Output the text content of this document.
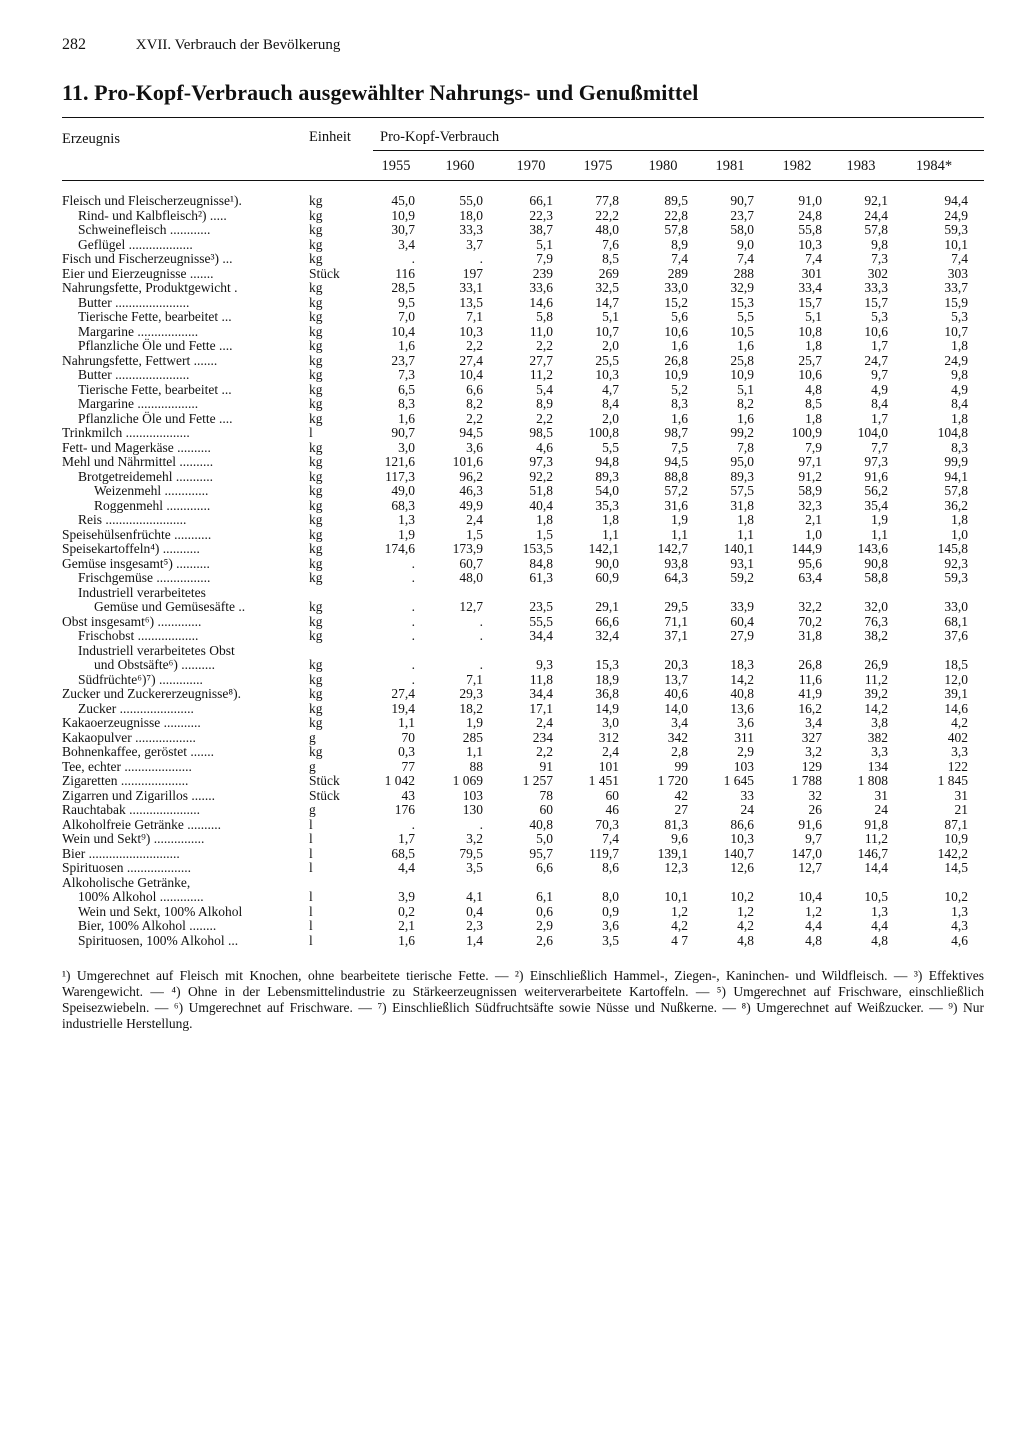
282	XVII. Verbrauch der Bevölkerung
11. Pro-Kopf-Verbrauch ausgewählter Nahrungs- und Genußmittel
Erzeugnis	Einheit Pro-Kopf-Verbrauch
1955	1960	1970	1975	1980	1981	1982	1983	1984*
Fleisch und Fleischerzeugnisse¹).	kg	45,0	55,0	66,1	77,8	89,5	90,7	91,0	92,1	94,4
Rind- und Kalbfleisch²) .....	kg	10,9	18,0	22,3	22,2	22,8	23,7	24,8	24,4	24,9
Schweinefleisch ............	kg	30,7	33,3	38,7	48,0	57,8	58,0	55,8	57,8	59,3
Geflügel ...................	kg	3,4	3,7	5,1	7,6	8,9	9,0	10,3	9,8	10,1
Fisch und Fischerzeugnisse³) ...	kg	.	.	7,9	8,5	7,4	7,4	7,4	7,3	7,4
Eier und Eierzeugnisse .......	Stück	116	197	239	269	289	288	301	302	303
Nahrungsfette, Produktgewicht .	kg	28,5	33,1	33,6	32,5	33,0	32,9	33,4	33,3	33,7
Butter ......................	kg	9,5	13,5	14,6	14,7	15,2	15,3	15,7	15,7	15,9
Tierische Fette, bearbeitet ...	kg	7,0	7,1	5,8	5,1	5,6	5,5	5,1	5,3	5,3
Margarine ..................	kg	10,4	10,3	11,0	10,7	10,6	10,5	10,8	10,6	10,7
Pflanzliche Öle und Fette ....	kg	1,6	2,2	2,2	2,0	1,6	1,6	1,8	1,7	1,8
Nahrungsfette, Fettwert .......	kg	23,7	27,4	27,7	25,5	26,8	25,8	25,7	24,7	24,9
Butter ......................	kg	7,3	10,4	11,2	10,3	10,9	10,9	10,6	9,7	9,8
Tierische Fette, bearbeitet ...	kg	6,5	6,6	5,4	4,7	5,2	5,1	4,8	4,9	4,9
Margarine ..................	kg	8,3	8,2	8,9	8,4	8,3	8,2	8,5	8,4	8,4
Pflanzliche Öle und Fette ....	kg	1,6	2,2	2,2	2,0	1,6	1,6	1,8	1,7	1,8
Trinkmilch ...................	l	90,7	94,5	98,5	100,8	98,7	99,2	100,9	104,0	104,8
Fett- und Magerkäse ..........	kg	3,0	3,6	4,6	5,5	7,5	7,8	7,9	7,7	8,3
Mehl und Nährmittel ..........	kg	121,6	101,6	97,3	94,8	94,5	95,0	97,1	97,3	99,9
Brotgetreidemehl ...........	kg	117,3	96,2	92,2	89,3	88,8	89,3	91,2	91,6	94,1
Weizenmehl .............	kg	49,0	46,3	51,8	54,0	57,2	57,5	58,9	56,2	57,8
Roggenmehl .............	kg	68,3	49,9	40,4	35,3	31,6	31,8	32,3	35,4	36,2
Reis ........................	kg	1,3	2,4	1,8	1,8	1,9	1,8	2,1	1,9	1,8
Speisehülsenfrüchte ...........	kg	1,9	1,5	1,5	1,1	1,1	1,1	1,0	1,1	1,0
Speisekartoffeln⁴) ...........	kg	174,6	173,9	153,5	142,1	142,7	140,1	144,9	143,6	145,8
Gemüse insgesamt⁵) ..........	kg	.	60,7	84,8	90,0	93,8	93,1	95,6	90,8	92,3
Frischgemüse ................	kg	.	48,0	61,3	60,9	64,3	59,2	63,4	58,8	59,3
Industriell verarbeitetes
Gemüse und Gemüsesäfte ..	kg	.	12,7	23,5	29,1	29,5	33,9	32,2	32,0	33,0
Obst insgesamt⁶) .............	kg	.	.	55,5	66,6	71,1	60,4	70,2	76,3	68,1
Frischobst ..................	kg	.	.	34,4	32,4	37,1	27,9	31,8	38,2	37,6
Industriell verarbeitetes Obst
und Obstsäfte⁶) ..........	kg	.	.	9,3	15,3	20,3	18,3	26,8	26,9	18,5
Südfrüchte⁶)⁷) .............	kg	.	7,1	11,8	18,9	13,7	14,2	11,6	11,2	12,0
Zucker und Zuckererzeugnisse⁸).	kg	27,4	29,3	34,4	36,8	40,6	40,8	41,9	39,2	39,1
Zucker ......................	kg	19,4	18,2	17,1	14,9	14,0	13,6	16,2	14,2	14,6
Kakaoerzeugnisse ...........	kg	1,1	1,9	2,4	3,0	3,4	3,6	3,4	3,8	4,2
Kakaopulver ..................	g	70	285	234	312	342	311	327	382	402
Bohnenkaffee, geröstet .......	kg	0,3	1,1	2,2	2,4	2,8	2,9	3,2	3,3	3,3
Tee, echter ....................	g	77	88	91	101	99	103	129	134	122
Zigaretten ....................	Stück	1 042	1 069	1 257	1 451	1 720	1 645	1 788	1 808	1 845
Zigarren und Zigarillos .......	Stück	43	103	78	60	42	33	32	31	31
Rauchtabak .....................	g	176	130	60	46	27	24	26	24	21
Alkoholfreie Getränke ..........	l	.	.	40,8	70,3	81,3	86,6	91,6	91,8	87,1
Wein und Sekt⁹) ...............	l	1,7	3,2	5,0	7,4	9,6	10,3	9,7	11,2	10,9
Bier ...........................	l	68,5	79,5	95,7	119,7	139,1	140,7	147,0	146,7	142,2
Spirituosen ...................	l	4,4	3,5	6,6	8,6	12,3	12,6	12,7	14,4	14,5
Alkoholische Getränke,
100% Alkohol .............	l	3,9	4,1	6,1	8,0	10,1	10,2	10,4	10,5	10,2
Wein und Sekt, 100% Alkohol	l	0,2	0,4	0,6	0,9	1,2	1,2	1,2	1,3	1,3
Bier, 100% Alkohol ........	l	2,1	2,3	2,9	3,6	4,2	4,2	4,4	4,4	4,3
Spirituosen, 100% Alkohol ...	l	1,6	1,4	2,6	3,5	4 7	4,8	4,8	4,8	4,6
¹) Umgerechnet auf Fleisch mit Knochen, ohne bearbeitete tierische Fette. — ²) Einschließlich Hammel-, Ziegen-, Kaninchen- und Wildfleisch. — ³) Effektives Warengewicht. — ⁴) Ohne in der Lebensmittelindustrie zu Stärkeerzeugnissen weiterverarbeitete Kartoffeln. — ⁵) Umgerechnet auf Frischware, einschließlich Speisezwiebeln. — ⁶) Umgerechnet auf Frischware. — ⁷) Einschließlich Südfruchtsäfte sowie Nüsse und Nußkerne. — ⁸) Umgerechnet auf Weißzucker. — ⁹) Nur industrielle Herstellung.
